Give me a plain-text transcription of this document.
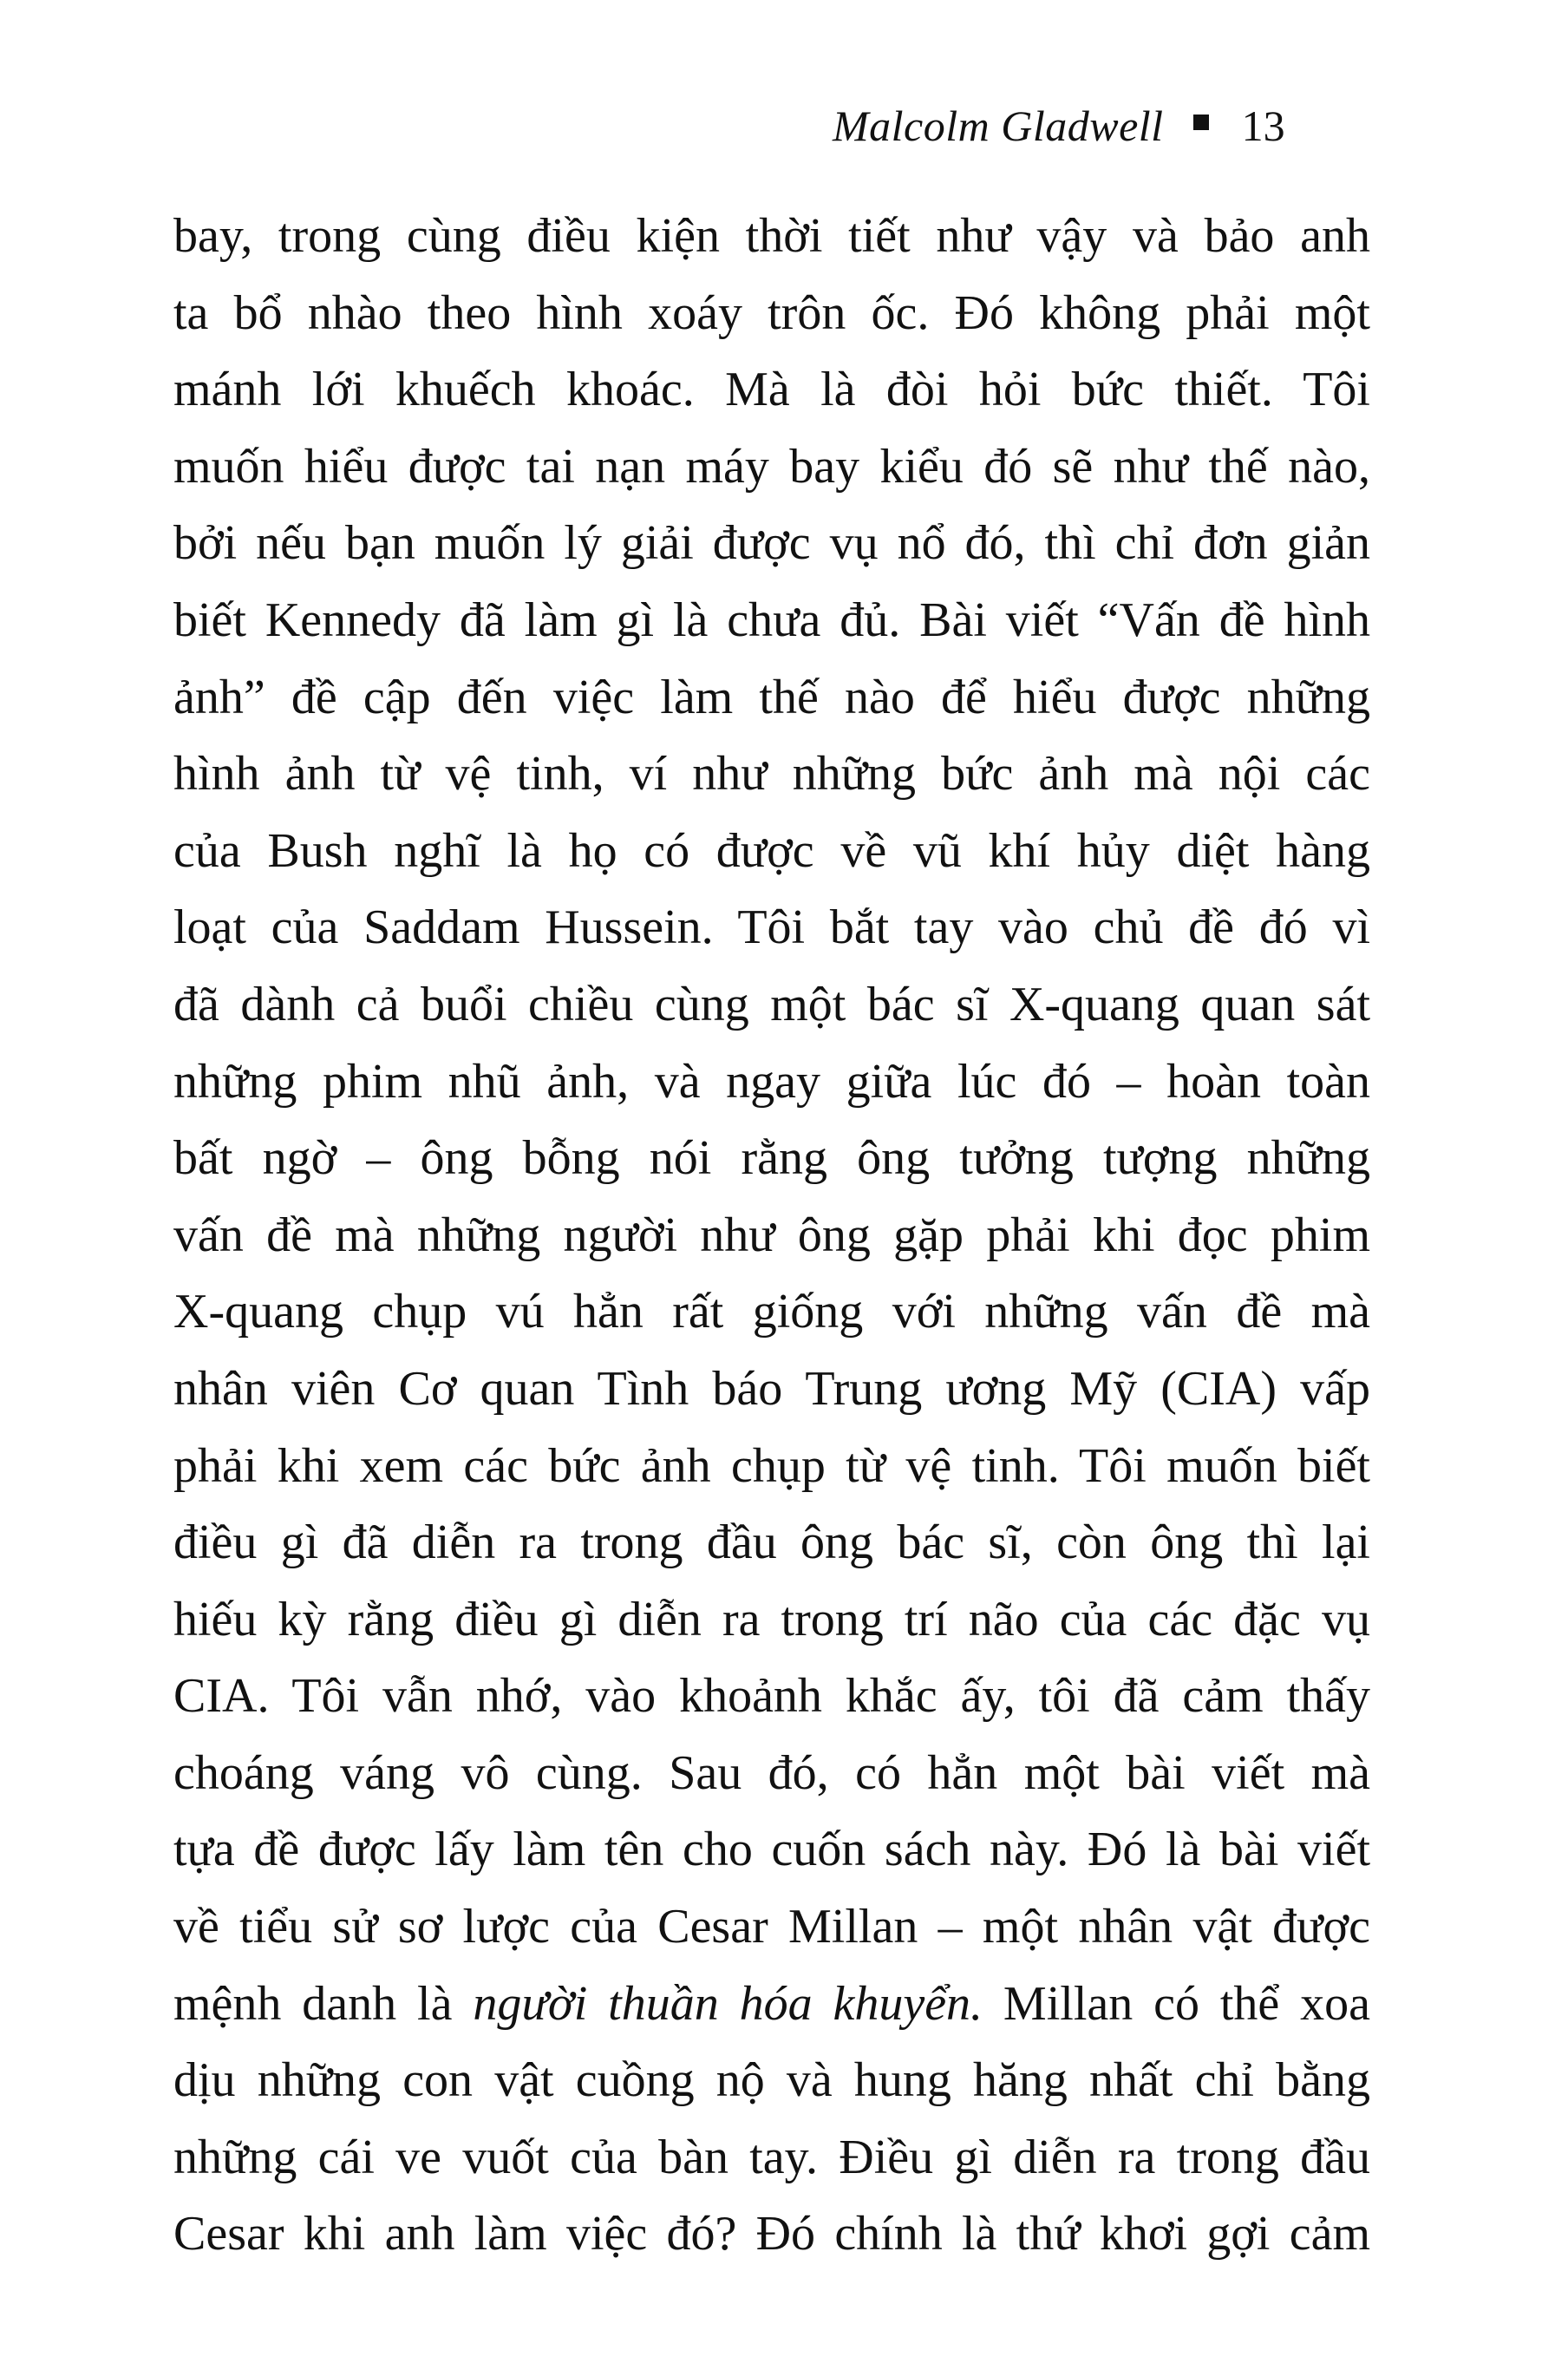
Malcolm Gladwell 13
bay, trong cùng điều kiện thời tiết như vậy và bảo anh
ta bổ nhào theo hình xoáy trôn ốc. Đó không phải một
mánh lới khuếch khoác. Mà là đòi hỏi bức thiết. Tôi
muốn hiểu được tai nạn máy bay kiểu đó sẽ như thế nào,
bởi nếu bạn muốn lý giải được vụ nổ đó, thì chỉ đơn giản
biết Kennedy đã làm gì là chưa đủ. Bài viết “Vấn đề hình
ảnh” đề cập đến việc làm thế nào để hiểu được những
hình ảnh từ vệ tinh, ví như những bức ảnh mà nội các
của Bush nghĩ là họ có được về vũ khí hủy diệt hàng
loạt của Saddam Hussein. Tôi bắt tay vào chủ đề đó vì
đã dành cả buổi chiều cùng một bác sĩ X-quang quan sát
những phim nhũ ảnh, và ngay giữa lúc đó – hoàn toàn
bất ngờ – ông bỗng nói rằng ông tưởng tượng những
vấn đề mà những người như ông gặp phải khi đọc phim
X-quang chụp vú hẳn rất giống với những vấn đề mà
nhân viên Cơ quan Tình báo Trung ương Mỹ (CIA) vấp
phải khi xem các bức ảnh chụp từ vệ tinh. Tôi muốn biết
điều gì đã diễn ra trong đầu ông bác sĩ, còn ông thì lại
hiếu kỳ rằng điều gì diễn ra trong trí não của các đặc vụ
CIA. Tôi vẫn nhớ, vào khoảnh khắc ấy, tôi đã cảm thấy
choáng váng vô cùng. Sau đó, có hẳn một bài viết mà
tựa đề được lấy làm tên cho cuốn sách này. Đó là bài viết
về tiểu sử sơ lược của Cesar Millan – một nhân vật được
mệnh danh là người thuần hóa khuyển. Millan có thể xoa
dịu những con vật cuồng nộ và hung hăng nhất chỉ bằng
những cái ve vuốt của bàn tay. Điều gì diễn ra trong đầu
Cesar khi anh làm việc đó? Đó chính là thứ khơi gợi cảm
